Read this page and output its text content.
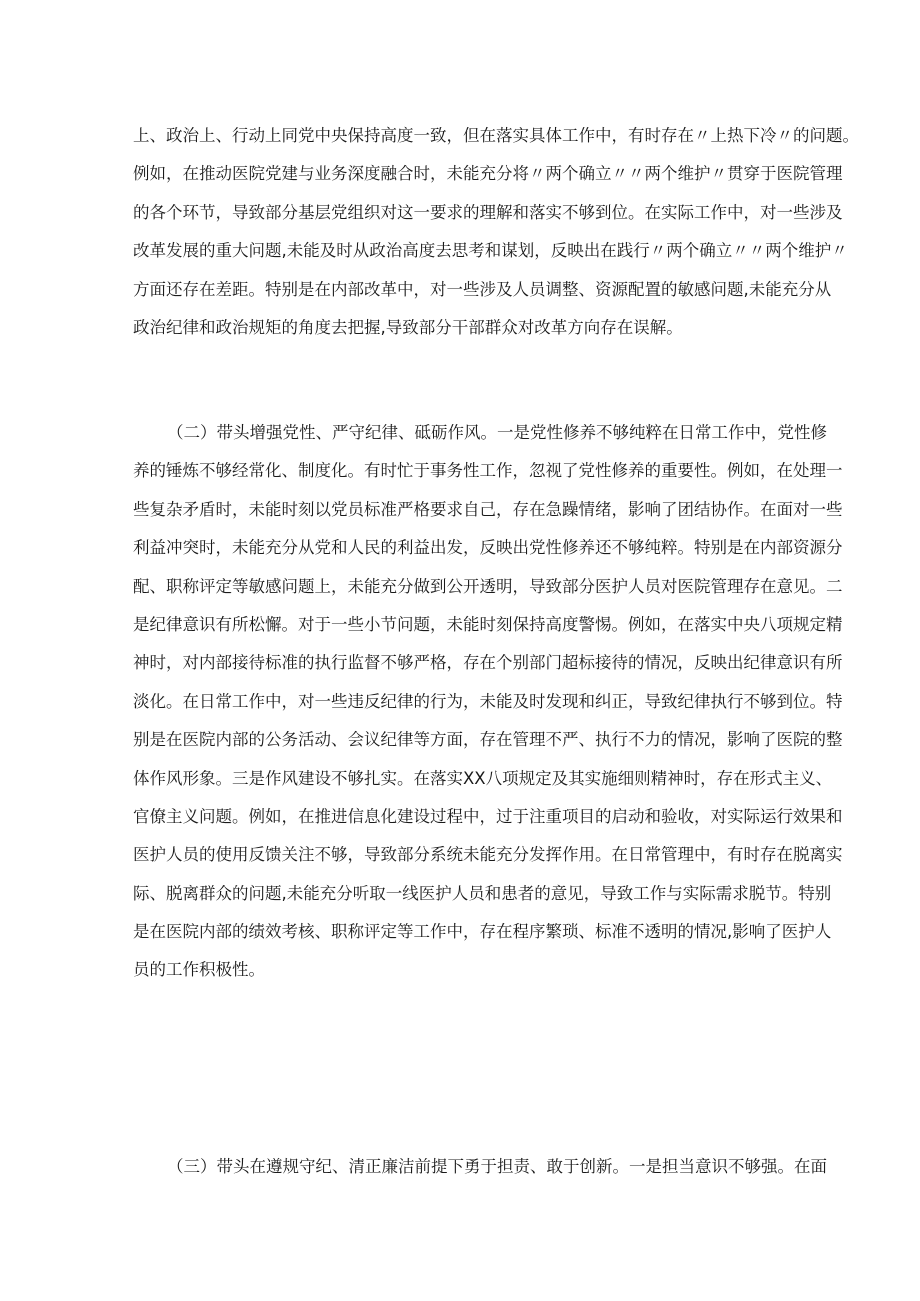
上、政治上、行动上同党中央保持高度一致，但在落实具体工作中，有时存在〃上热下冷〃的问题。
例如，在推动医院党建与业务深度融合时，未能充分将〃两个确立〃〃两个维护〃贯穿于医院管理
的各个环节，导致部分基层党组织对这一要求的理解和落实不够到位。在实际工作中，对一些涉及
改革发展的重大问题,未能及时从政治高度去思考和谋划，反映出在践行〃两个确立〃〃两个维护〃
方面还存在差距。特别是在内部改革中，对一些涉及人员调整、资源配置的敏感问题,未能充分从
政治纪律和政治规矩的角度去把握,导致部分干部群众对改革方向存在误解。
（二）带头增强党性、严守纪律、砥砺作风。一是党性修养不够纯粹在日常工作中，党性修
养的锤炼不够经常化、制度化。有时忙于事务性工作，忽视了党性修养的重要性。例如，在处理一
些复杂矛盾时，未能时刻以党员标准严格要求自己，存在急躁情绪，影响了团结协作。在面对一些
利益冲突时，未能充分从党和人民的利益出发，反映出党性修养还不够纯粹。特别是在内部资源分
配、职称评定等敏感问题上，未能充分做到公开透明，导致部分医护人员对医院管理存在意见。二
是纪律意识有所松懈。对于一些小节问题，未能时刻保持高度警惕。例如，在落实中央八项规定精
神时，对内部接待标准的执行监督不够严格，存在个别部门超标接待的情况，反映出纪律意识有所
淡化。在日常工作中，对一些违反纪律的行为，未能及时发现和纠正，导致纪律执行不够到位。特
别是在医院内部的公务活动、会议纪律等方面，存在管理不严、执行不力的情况，影响了医院的整
体作风形象。三是作风建设不够扎实。在落实XX八项规定及其实施细则精神时，存在形式主义、
官僚主义问题。例如，在推进信息化建设过程中，过于注重项目的启动和验收，对实际运行效果和
医护人员的使用反馈关注不够，导致部分系统未能充分发挥作用。在日常管理中，有时存在脱离实
际、脱离群众的问题,未能充分听取一线医护人员和患者的意见，导致工作与实际需求脱节。特别
是在医院内部的绩效考核、职称评定等工作中，存在程序繁琐、标准不透明的情况,影响了医护人
员的工作积极性。
（三）带头在遵规守纪、清正廉洁前提下勇于担责、敢于创新。一是担当意识不够强。在面
